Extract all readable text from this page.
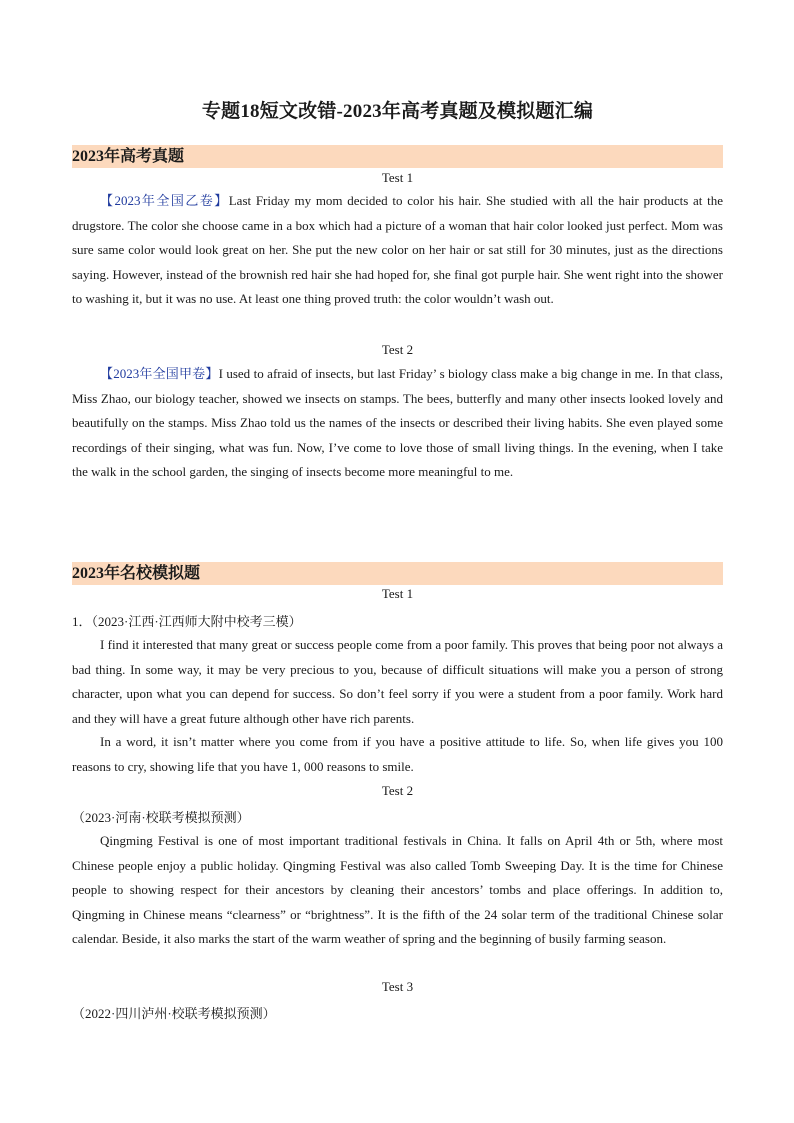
专题18短文改错-2023年高考真题及模拟题汇编
2023年高考真题
Test 1
【2023年全国乙卷】Last Friday my mom decided to color his hair. She studied with all the hair products at the drugstore. The color she choose came in a box which had a picture of a woman that hair color looked just perfect. Mom was sure same color would look great on her. She put the new color on her hair or sat still for 30 minutes, just as the directions saying. However, instead of the brownish red hair she had hoped for, she final got purple hair. She went right into the shower to washing it, but it was no use. At least one thing proved truth: the color wouldn’t wash out.
Test 2
【2023年全国甲卷】I used to afraid of insects, but last Friday’ s biology class make a big change in me. In that class, Miss Zhao, our biology teacher, showed we insects on stamps. The bees, butterfly and many other insects looked lovely and beautifully on the stamps. Miss Zhao told us the names of the insects or described their living habits. She even played some recordings of their singing, what was fun. Now, I’ve come to love those of small living things. In the evening, when I take the walk in the school garden, the singing of insects become more meaningful to me.
2023年名校模拟题
Test 1
1．（2023·江西·江西师大附中校考三模）
I find it interested that many great or success people come from a poor family. This proves that being poor not always a bad thing. In some way, it may be very precious to you, because of difficult situations will make you a person of strong character, upon what you can depend for success. So don’t feel sorry if you were a student from a poor family. Work hard and they will have a great future although other have rich parents.
In a word, it isn’t matter where you come from if you have a positive attitude to life. So, when life gives you 100 reasons to cry, showing life that you have 1, 000 reasons to smile.
Test 2
（2023·河南·校联考模拟预测）
Qingming Festival is one of most important traditional festivals in China. It falls on April 4th or 5th, where most Chinese people enjoy a public holiday. Qingming Festival was also called Tomb Sweeping Day. It is the time for Chinese people to showing respect for their ancestors by cleaning their ancestors’ tombs and place offerings. In addition to, Qingming in Chinese means “clearness” or “brightness”. It is the fifth of the 24 solar term of the traditional Chinese solar calendar. Beside, it also marks the start of the warm weather of spring and the beginning of busily farming season.
Test 3
（2022·四川泸州·校联考模拟预测）
